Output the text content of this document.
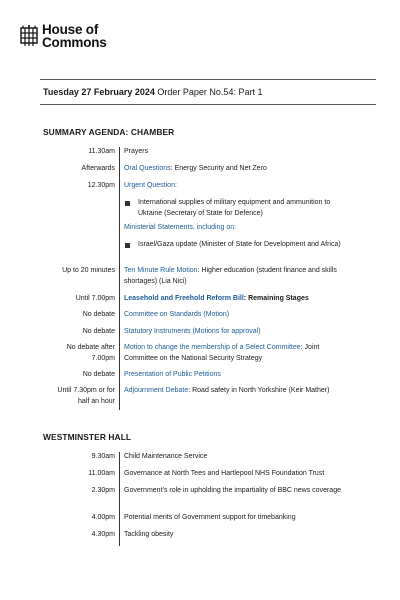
House of
Commons
Tuesday 27 February 2024 Order Paper No.54: Part 1
SUMMARY AGENDA: CHAMBER
11.30am Prayers
Afterwards Oral Questions: Energy Security and Net Zero
12.30pm Urgent Question:
International supplies of military equipment and ammunition to Ukraine (Secretary of State for Defence)
Ministerial Statements, including on:
Israel/Gaza update (Minister of State for Development and Africa)
Up to 20 minutes Ten Minute Rule Motion: Higher education (student finance and skills shortages) (Lia Nici)
Until 7.00pm Leasehold and Freehold Reform Bill: Remaining Stages
No debate Committee on Standards (Motion)
No debate Statutory Instruments (Motions for approval)
No debate after
7.00pm
Motion to change the membership of a Select Committee: Joint Committee on the National Security Strategy
No debate Presentation of Public Petitions
Until 7.30pm or for
half an hour
Adjournment Debate: Road safety in North Yorkshire (Keir Mather)
WESTMINSTER HALL
9.30am Child Maintenance Service
11.00am Governance at North Tees and Hartlepool NHS Foundation Trust
2.30pm Government’s role in upholding the impartiality of BBC news coverage
4.00pm Potential merits of Government support for timebanking
4.30pm Tackling obesity
